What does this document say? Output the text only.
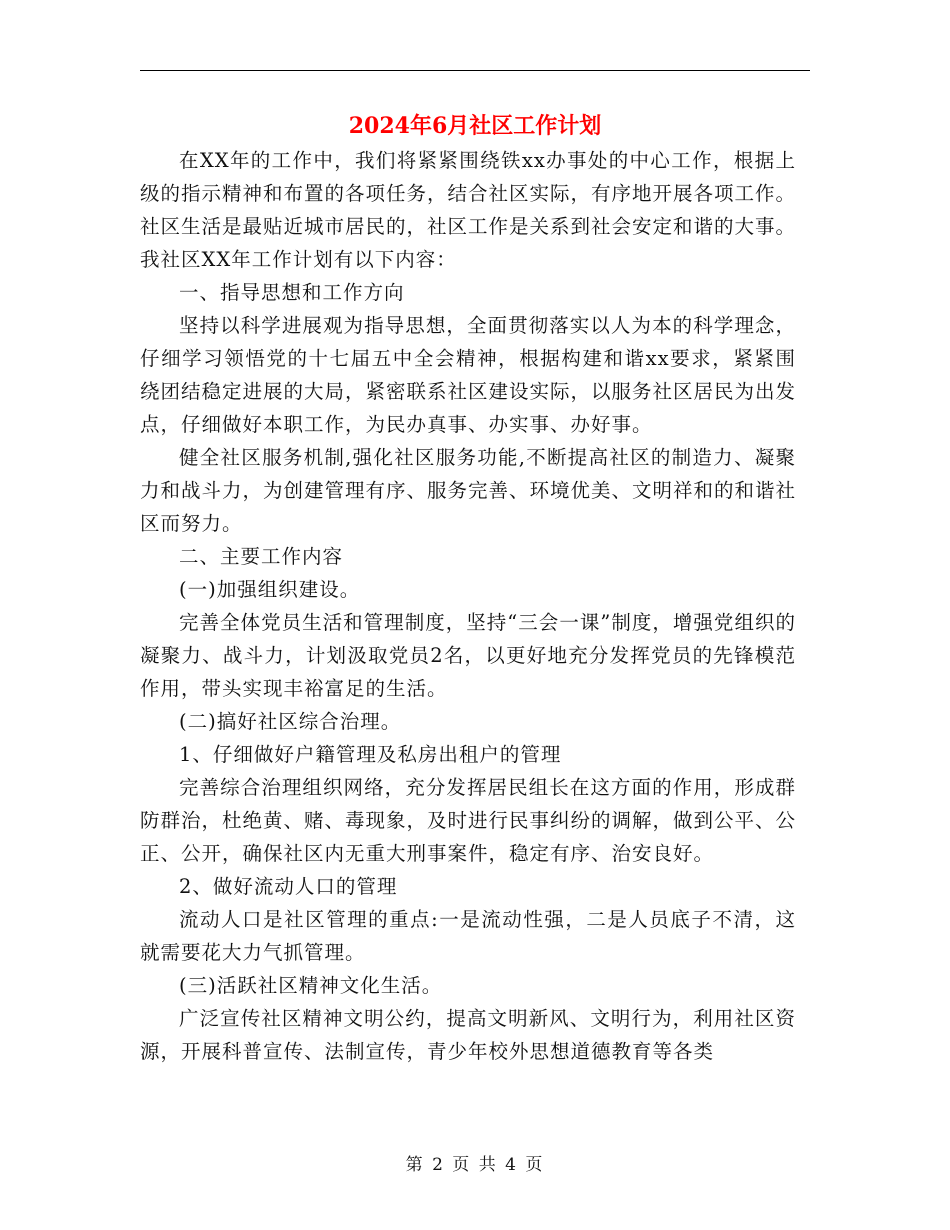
2024年6月社区工作计划

在XX年的工作中，我们将紧紧围绕铁xx办事处的中心工作，根据上级的指示精神和布置的各项任务，结合社区实际，有序地开展各项工作。社区生活是最贴近城市居民的，社区工作是关系到社会安定和谐的大事。我社区XX年工作计划有以下内容：

一、指导思想和工作方向

坚持以科学进展观为指导思想，全面贯彻落实以人为本的科学理念，仔细学习领悟党的十七届五中全会精神，根据构建和谐xx要求，紧紧围绕团结稳定进展的大局，紧密联系社区建设实际，以服务社区居民为出发点，仔细做好本职工作，为民办真事、办实事、办好事。

健全社区服务机制,强化社区服务功能,不断提高社区的制造力、凝聚力和战斗力，为创建管理有序、服务完善、环境优美、文明祥和的和谐社区而努力。

二、主要工作内容

(一)加强组织建设。

完善全体党员生活和管理制度，坚持“三会一课”制度，增强党组织的凝聚力、战斗力，计划汲取党员2名，以更好地充分发挥党员的先锋模范作用，带头实现丰裕富足的生活。

(二)搞好社区综合治理。

1、仔细做好户籍管理及私房出租户的管理

完善综合治理组织网络，充分发挥居民组长在这方面的作用，形成群防群治，杜绝黄、赌、毒现象，及时进行民事纠纷的调解，做到公平、公正、公开，确保社区内无重大刑事案件，稳定有序、治安良好。

2、做好流动人口的管理

流动人口是社区管理的重点:一是流动性强，二是人员底子不清，这就需要花大力气抓管理。

(三)活跃社区精神文化生活。

广泛宣传社区精神文明公约，提高文明新风、文明行为，利用社区资源，开展科普宣传、法制宣传，青少年校外思想道德教育等各类

第 2 页 共 4 页
